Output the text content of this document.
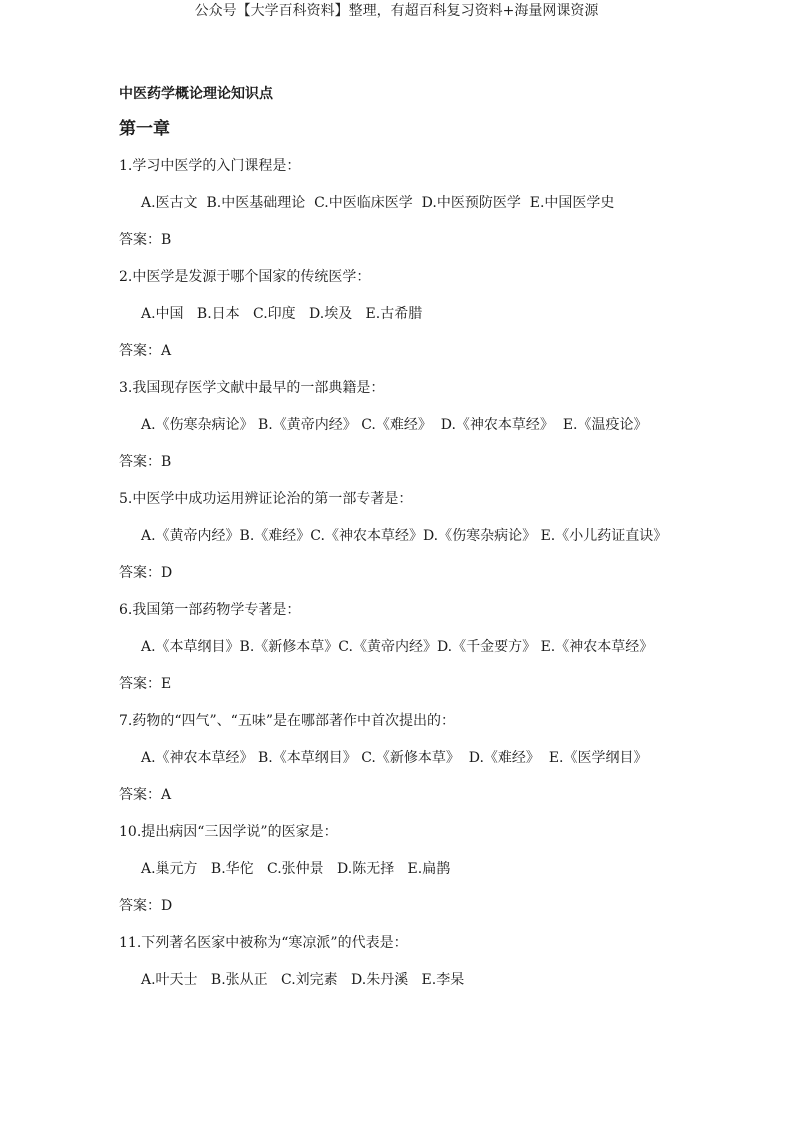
公众号【大学百科资料】整理，有超百科复习资料+海量网课资源
中医药学概论理论知识点
第一章
1.学习中医学的入门课程是：
A.医古文  B.中医基础理论  C.中医临床医学  D.中医预防医学  E.中国医学史
答案：B
2.中医学是发源于哪个国家的传统医学：
A.中国   B.日本   C.印度   D.埃及   E.古希腊
答案：A
3.我国现存医学文献中最早的一部典籍是：
A.《伤寒杂病论》 B.《黄帝内经》 C.《难经》  D.《神农本草经》  E.《温疫论》
答案：B
5.中医学中成功运用辨证论治的第一部专著是：
A.《黄帝内经》B.《难经》C.《神农本草经》D.《伤寒杂病论》 E.《小儿药证直诀》
答案：D
6.我国第一部药物学专著是：
A.《本草纲目》B.《新修本草》C.《黄帝内经》D.《千金要方》 E.《神农本草经》
答案：E
7.药物的“四气”、“五味”是在哪部著作中首次提出的：
A.《神农本草经》 B.《本草纲目》 C.《新修本草》  D.《难经》  E.《医学纲目》
答案：A
10.提出病因“三因学说”的医家是：
A.巢元方   B.华佗   C.张仲景   D.陈无择   E.扁鹊
答案：D
11.下列著名医家中被称为“寒凉派”的代表是：
A.叶天士   B.张从正   C.刘完素   D.朱丹溪   E.李杲
